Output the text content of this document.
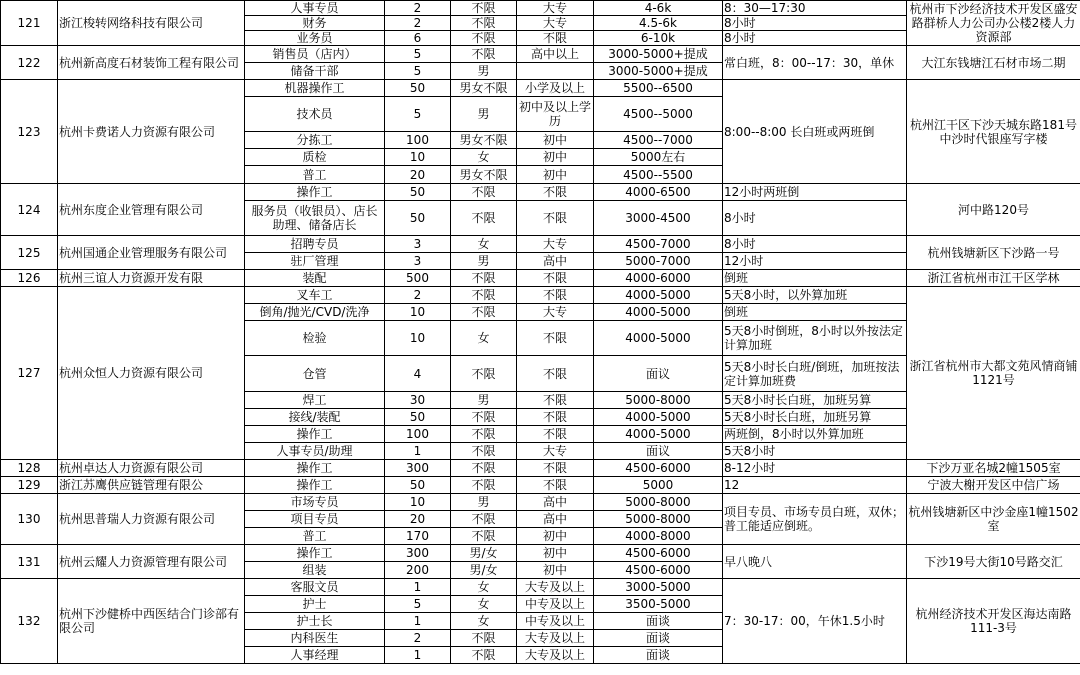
121	浙江梭转网络科技有限公司	人事专员	2	不限	大专	4-6k	8：30—17:30	杭州市下沙经济技术开发区盛安路群桥人力公司办公楼2楼人力资源部
		财务	2	不限	大专	4.5-6k	8小时	
		业务员	6	不限	不限	6-10k	8小时	
122	杭州新高度石材装饰工程有限公司	销售员（店内）	5	不限	高中以上	3000-5000+提成	常白班，8：00--17：30，单休	大江东钱塘江石材市场二期
		储备干部	5	男		3000-5000+提成		
123	杭州卡费诺人力资源有限公司	机器操作工	50	男女不限	小学及以上	5500--6500	8:00--8:00 长白班或两班倒	杭州江干区下沙天城东路181号中沙时代银座写字楼
		技术员	5	男	初中及以上学历	4500--5000		
		分拣工	100	男女不限	初中	4500--7000		
		质检	10	女	初中	5000左右		
		普工	20	男女不限	初中	4500--5500		
124	杭州东度企业管理有限公司	操作工	50	不限	不限	4000-6500	12小时两班倒	河中路120号
		服务员（收银员）、店长助理、储备店长	50	不限	不限	3000-4500	8小时	
125	杭州国通企业管理服务有限公司	招聘专员	3	女	大专	4500-7000	8小时	杭州钱塘新区下沙路一号
		驻厂管理	3	男	高中	5000-7000	12小时	
126	杭州三谊人力资源开发有限	装配	500	不限	不限	4000-6000	倒班	浙江省杭州市江干区学林
127	杭州众恒人力资源有限公司	叉车工	2	不限	不限	4000-5000	5天8小时，以外算加班	浙江省杭州市大都文苑风情商铺1121号
		倒角/抛光/CVD/洗净	10	不限	大专	4000-5000	倒班	
		检验	10	女	不限	4000-5000	5天8小时倒班，8小时以外按法定计算加班	
		仓管	4	不限	不限	面议	5天8小时长白班/倒班，加班按法定计算加班费	
		焊工	30	男	不限	5000-8000	5天8小时长白班，加班另算	
		接线/装配	50	不限	不限	4000-5000	5天8小时长白班，加班另算	
		操作工	100	不限	不限	4000-5000	两班倒，8小时以外算加班	
		人事专员/助理	1	不限	大专	面议	5天8小时	
128	杭州卓达人力资源有限公司	操作工	300	不限	不限	4500-6000	8-12小时	下沙万亚名城2幢1505室
129	浙江苏鹰供应链管理有限公	操作工	50	不限	不限	5000	12	宁波大榭开发区中信广场
130	杭州思普瑞人力资源有限公司	市场专员	10	男	高中	5000-8000	项目专员、市场专员白班，双休；普工能适应倒班。	杭州钱塘新区中沙金座1幢1502室
		项目专员	20	不限	高中	5000-8000		
		普工	170	不限	初中	4000-8000		
131	杭州云耀人力资源管理有限公司	操作工	300	男/女	初中	4500-6000	早八晚八	下沙19号大街10号路交汇
		组装	200	男/女	初中	4500-6000		
132	杭州下沙健桥中西医结合门诊部有限公司	客服文员	1	女	大专及以上	3000-5000	7：30-17：00，午休1.5小时	杭州经济技术开发区海达南路111-3号
		护士	5	女	中专及以上	3500-5000		
		护士长	1	女	中专及以上	面谈		
		内科医生	2	不限	大专及以上	面谈		
		人事经理	1	不限	大专及以上	面谈		
